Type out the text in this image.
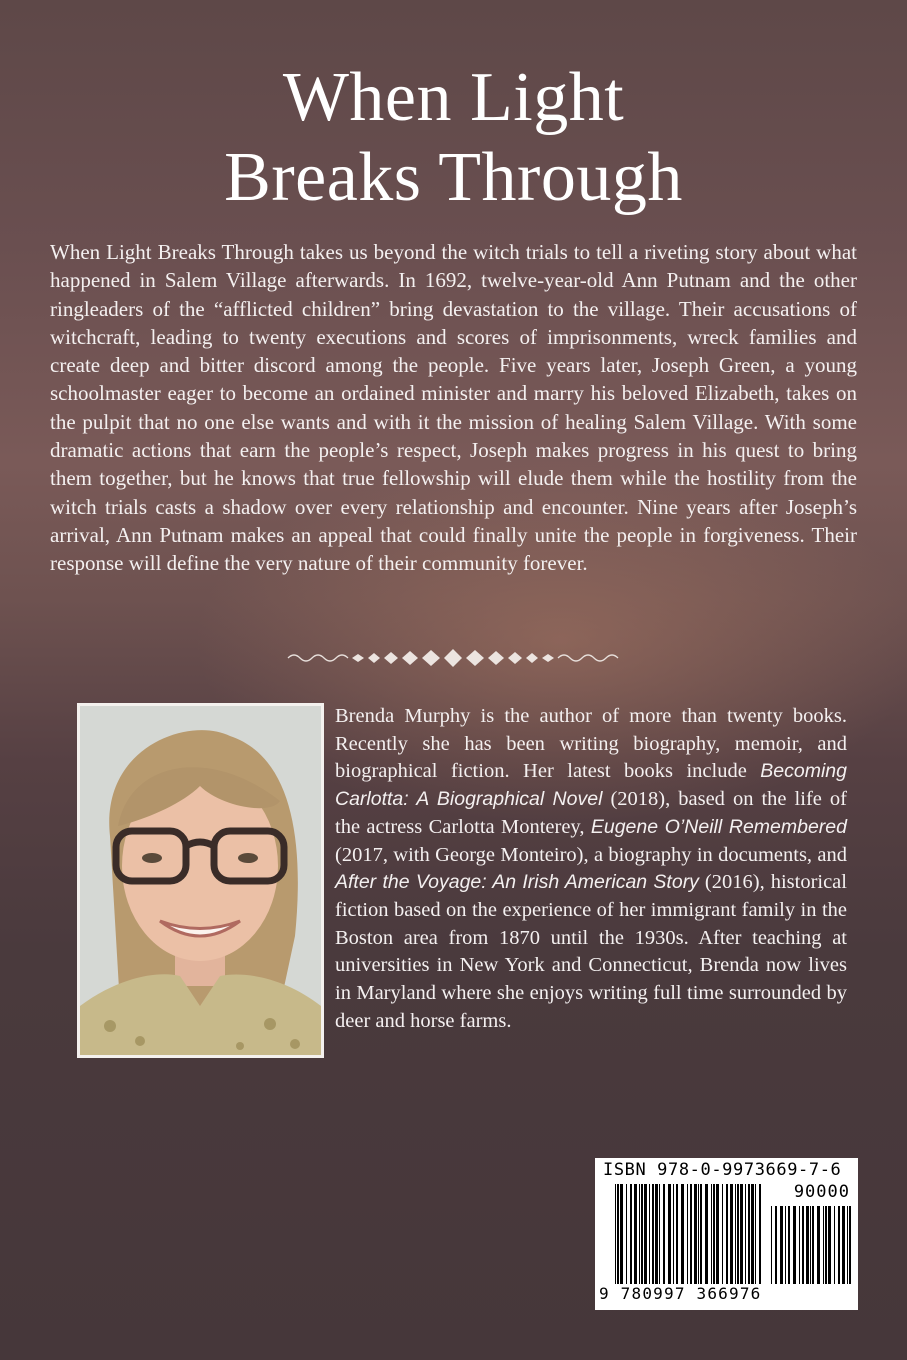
When Light
Breaks Through

When Light Breaks Through takes us beyond the witch trials to tell a riveting story about what happened in Salem Village afterwards. In 1692, twelve-year-old Ann Putnam and the other ringleaders of the “afflicted children” bring devastation to the village. Their accusations of witchcraft, leading to twenty executions and scores of imprisonments, wreck families and create deep and bitter discord among the people. Five years later, Joseph Green, a young schoolmaster eager to become an ordained minister and marry his beloved Elizabeth, takes on the pulpit that no one else wants and with it the mission of healing Salem Village. With some dramatic actions that earn the people’s respect, Joseph makes progress in his quest to bring them together, but he knows that true fellowship will elude them while the hostility from the witch trials casts a shadow over every relationship and encounter. Nine years after Joseph’s arrival, Ann Putnam makes an appeal that could finally unite the people in forgiveness. Their response will define the very nature of their community forever.

Brenda Murphy is the author of more than twenty books. Recently she has been writing biography, memoir, and biographical fiction. Her latest books include Becoming Carlotta: A Biographical Novel (2018), based on the life of the actress Carlotta Monterey, Eugene O’Neill Remembered (2017, with George Monteiro), a biography in documents, and After the Voyage: An Irish American Story (2016), historical fiction based on the experience of her immigrant family in the Boston area from 1870 until the 1930s. After teaching at universities in New York and Connecticut, Brenda now lives in Maryland where she enjoys writing full time surrounded by deer and horse farms.

ISBN 978-0-9973669-7-6
90000
9 780997 366976
